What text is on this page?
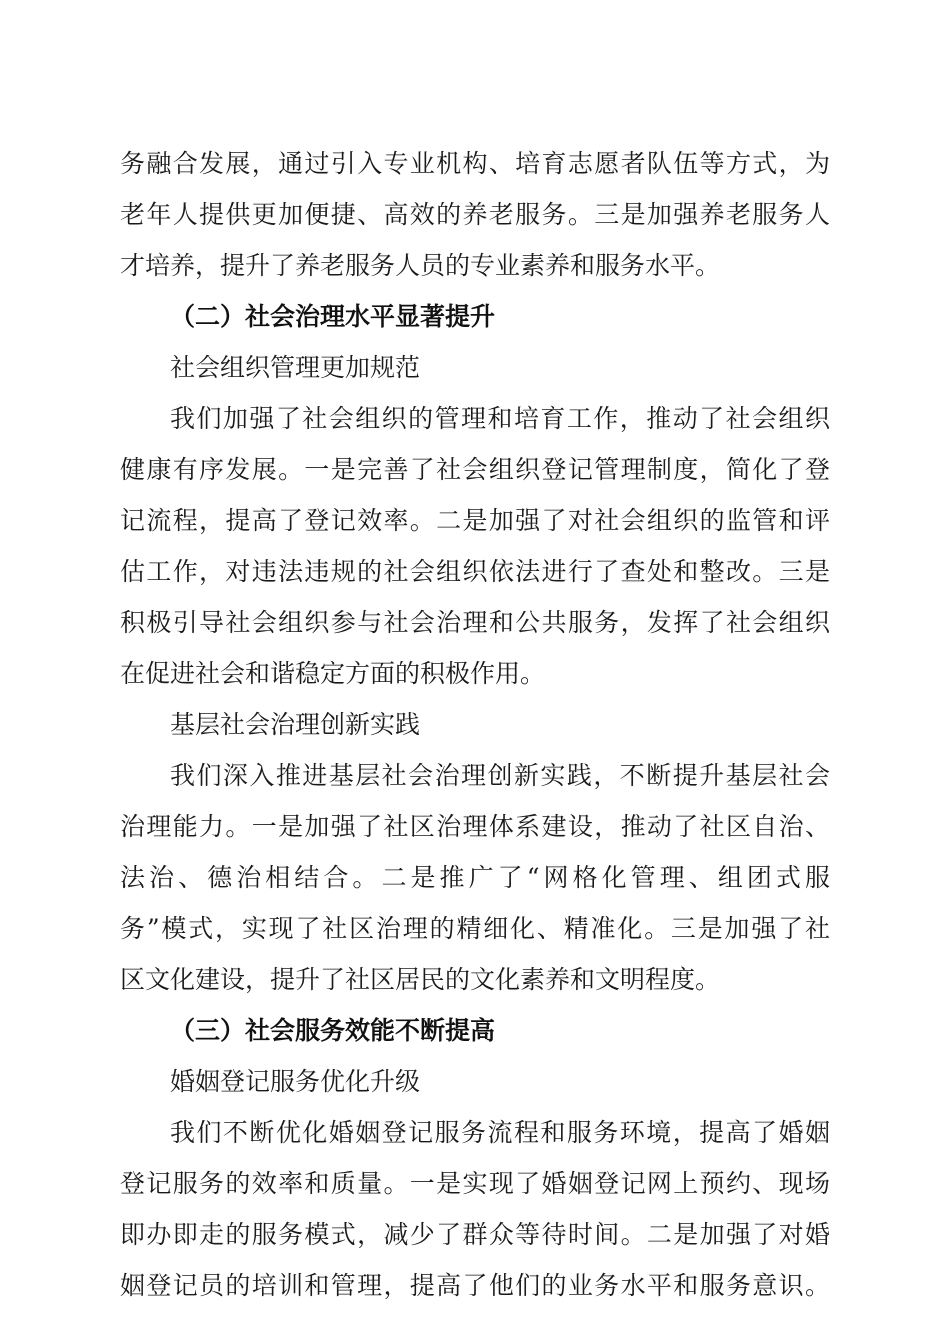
务融合发展，通过引入专业机构、培育志愿者队伍等方式，为
老年人提供更加便捷、高效的养老服务。三是加强养老服务人
才培养，提升了养老服务人员的专业素养和服务水平。
（二）社会治理水平显著提升
社会组织管理更加规范
我们加强了社会组织的管理和培育工作，推动了社会组织
健康有序发展。一是完善了社会组织登记管理制度，简化了登
记流程，提高了登记效率。二是加强了对社会组织的监管和评
估工作，对违法违规的社会组织依法进行了查处和整改。三是
积极引导社会组织参与社会治理和公共服务，发挥了社会组织
在促进社会和谐稳定方面的积极作用。
基层社会治理创新实践
我们深入推进基层社会治理创新实践，不断提升基层社会
治理能力。一是加强了社区治理体系建设，推动了社区自治、
法治、德治相结合。二是推广了“网格化管理、组团式服
务”模式，实现了社区治理的精细化、精准化。三是加强了社
区文化建设，提升了社区居民的文化素养和文明程度。
（三）社会服务效能不断提高
婚姻登记服务优化升级
我们不断优化婚姻登记服务流程和服务环境，提高了婚姻
登记服务的效率和质量。一是实现了婚姻登记网上预约、现场
即办即走的服务模式，减少了群众等待时间。二是加强了对婚
姻登记员的培训和管理，提高了他们的业务水平和服务意识。
